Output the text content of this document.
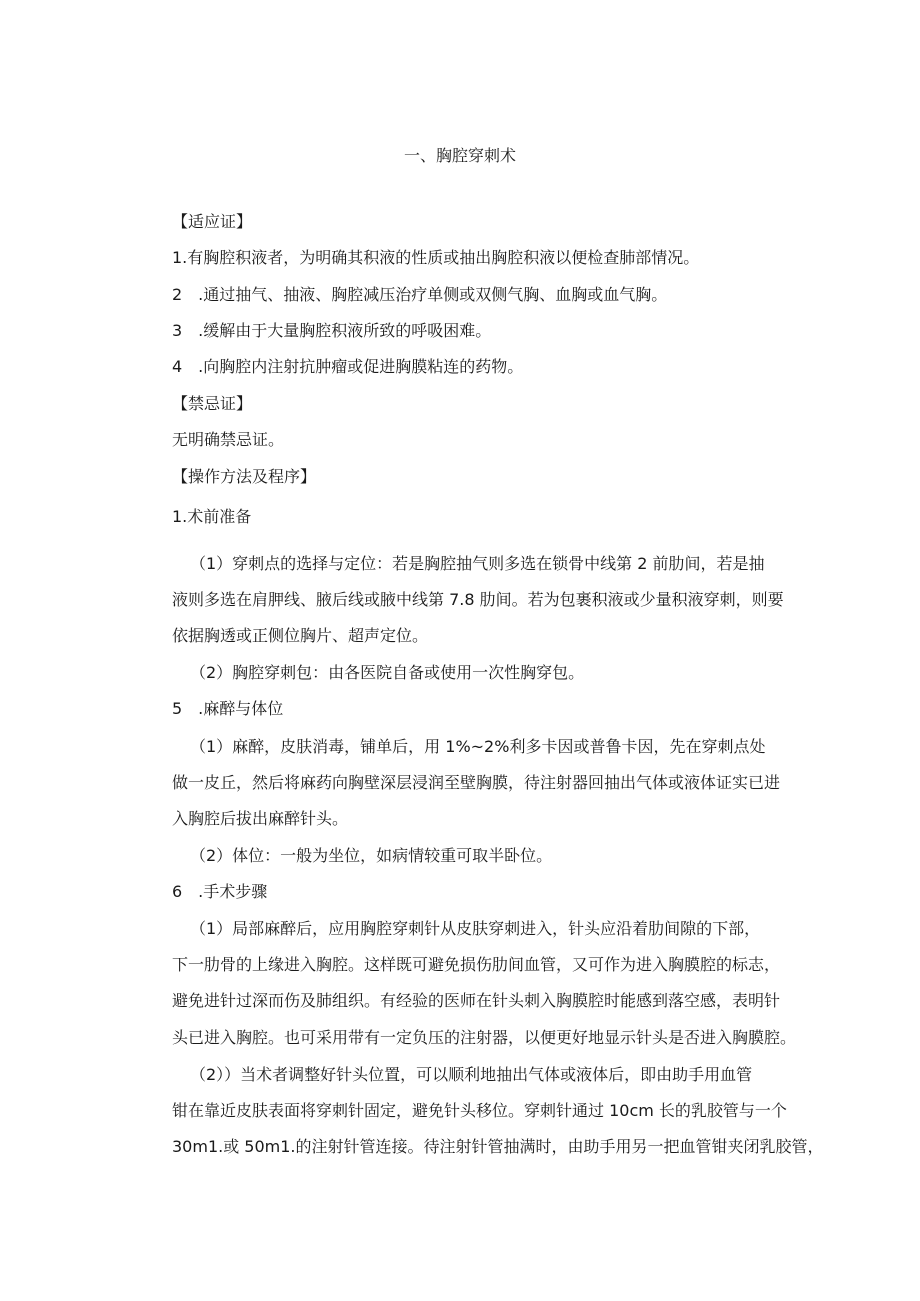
一、胸腔穿刺术
【适应证】
1.有胸腔积液者，为明确其积液的性质或抽出胸腔积液以便检查肺部情况。
2　.通过抽气、抽液、胸腔减压治疗单侧或双侧气胸、血胸或血气胸。
3　.缓解由于大量胸腔积液所致的呼吸困难。
4　.向胸腔内注射抗肿瘤或促进胸膜粘连的药物。
【禁忌证】
无明确禁忌证。
【操作方法及程序】
1.术前准备
（1）穿刺点的选择与定位：若是胸腔抽气则多选在锁骨中线第 2 前肋间，若是抽
液则多选在肩胛线、腋后线或腋中线第 7.8 肋间。若为包裹积液或少量积液穿刺，则要
依据胸透或正侧位胸片、超声定位。
（2）胸腔穿刺包：由各医院自备或使用一次性胸穿包。
5　.麻醉与体位
（1）麻醉，皮肤消毒，铺单后，用 1%~2%利多卡因或普鲁卡因，先在穿刺点处
做一皮丘，然后将麻药向胸壁深层浸润至壁胸膜，待注射器回抽出气体或液体证实已进
入胸腔后拔出麻醉针头。
（2）体位：一般为坐位，如病情较重可取半卧位。
6　.手术步骤
（1）局部麻醉后，应用胸腔穿刺针从皮肤穿刺进入，针头应沿着肋间隙的下部，
下一肋骨的上缘进入胸腔。这样既可避免损伤肋间血管，又可作为进入胸膜腔的标志，
避免进针过深而伤及肺组织。有经验的医师在针头刺入胸膜腔时能感到落空感，表明针
头已进入胸腔。也可采用带有一定负压的注射器，以便更好地显示针头是否进入胸膜腔。
（2））当术者调整好针头位置，可以顺利地抽出气体或液体后，即由助手用血管
钳在靠近皮肤表面将穿刺针固定，避免针头移位。穿刺针通过 10cm 长的乳胶管与一个
30m1.或 50m1.的注射针管连接。待注射针管抽满时，由助手用另一把血管钳夹闭乳胶管，
